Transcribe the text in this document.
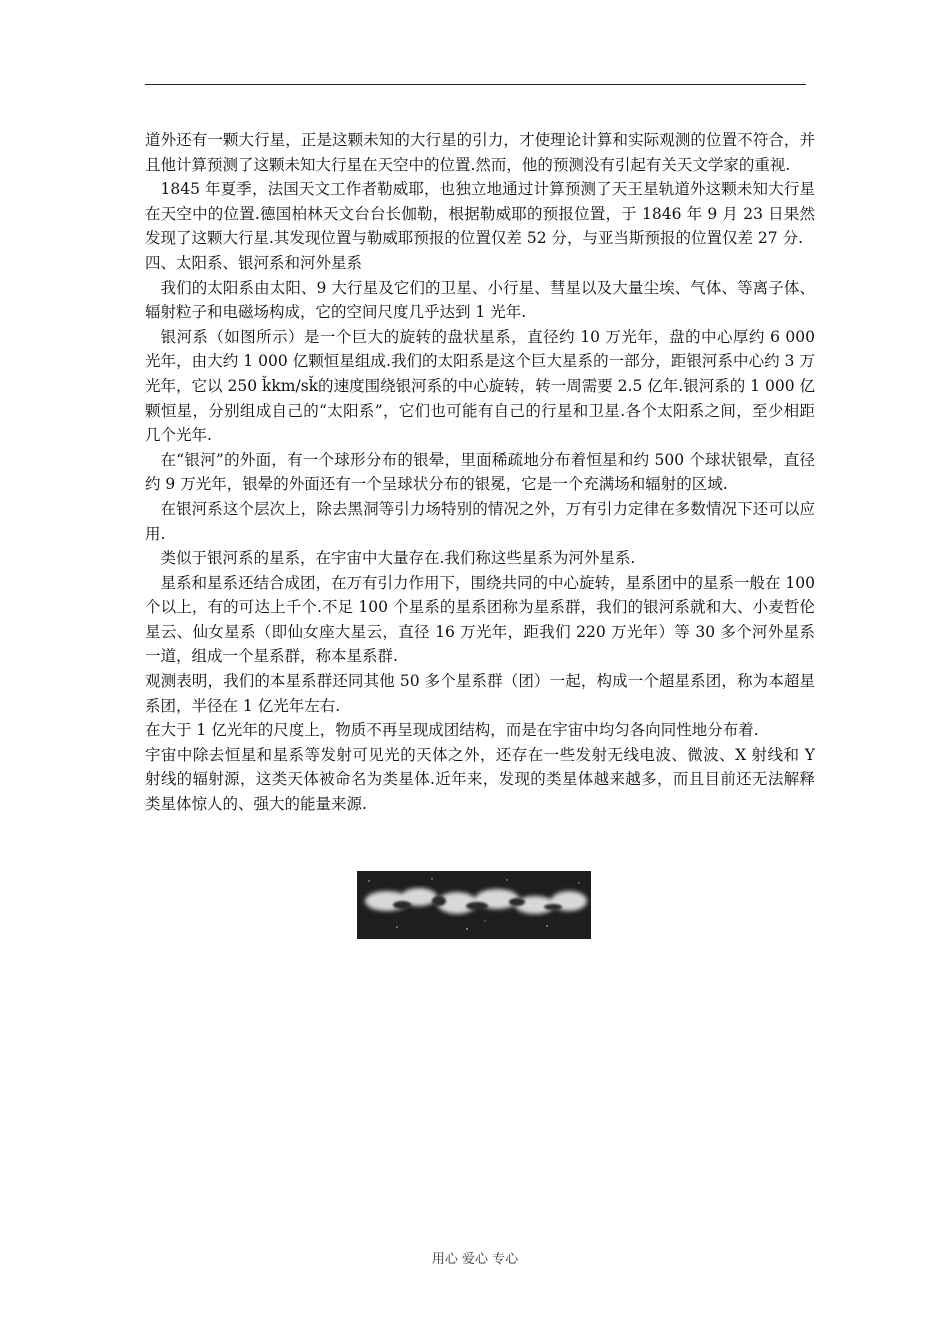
道外还有一颗大行星，正是这颗未知的大行星的引力，才使理论计算和实际观测的位置不符合，并且他计算预测了这颗未知大行星在天空中的位置.然而，他的预测没有引起有关天文学家的重视.

1845 年夏季，法国天文工作者勒威耶，也独立地通过计算预测了天王星轨道外这颗未知大行星在天空中的位置.德国柏林天文台台长伽勒，根据勒威耶的预报位置，于 1846 年 9 月 23 日果然发现了这颗大行星.其发现位置与勒威耶预报的位置仅差 52 分，与亚当斯预报的位置仅差 27 分.

四、太阳系、银河系和河外星系

我们的太阳系由太阳、9 大行星及它们的卫星、小行星、彗星以及大量尘埃、气体、等离子体、辐射粒子和电磁场构成，它的空间尺度几乎达到 1 光年.

银河系（如图所示）是一个巨大的旋转的盘状星系，直径约 10 万光年，盘的中心厚约 6 000 光年，由大约 1 000 亿颗恒星组成.我们的太阳系是这个巨大星系的一部分，距银河系中心约 3 万光年，它以 250 ǩkm/sǩ的速度围绕银河系的中心旋转，转一周需要 2.5 亿年.银河系的 1 000 亿颗恒星，分别组成自己的“太阳系”，它们也可能有自己的行星和卫星.各个太阳系之间，至少相距几个光年.

在“银河”的外面，有一个球形分布的银晕，里面稀疏地分布着恒星和约 500 个球状银晕，直径约 9 万光年，银晕的外面还有一个呈球状分布的银冕，它是一个充满场和辐射的区域.

在银河系这个层次上，除去黑洞等引力场特别的情况之外，万有引力定律在多数情况下还可以应用.

类似于银河系的星系，在宇宙中大量存在.我们称这些星系为河外星系.

星系和星系还结合成团，在万有引力作用下，围绕共同的中心旋转，星系团中的星系一般在 100 个以上，有的可达上千个.不足 100 个星系的星系团称为星系群，我们的银河系就和大、小麦哲伦星云、仙女星系（即仙女座大星云，直径 16 万光年，距我们 220 万光年）等 30 多个河外星系一道，组成一个星系群，称本星系群.

观测表明，我们的本星系群还同其他 50 多个星系群（团）一起，构成一个超星系团，称为本超星系团，半径在 1 亿光年左右.

在大于 1 亿光年的尺度上，物质不再呈现成团结构，而是在宇宙中均匀各向同性地分布着.

宇宙中除去恒星和星系等发射可见光的天体之外，还存在一些发射无线电波、微波、X 射线和 Y 射线的辐射源，这类天体被命名为类星体.近年来，发现的类星体越来越多，而且目前还无法解释类星体惊人的、强大的能量来源.

用心 爱心 专心
